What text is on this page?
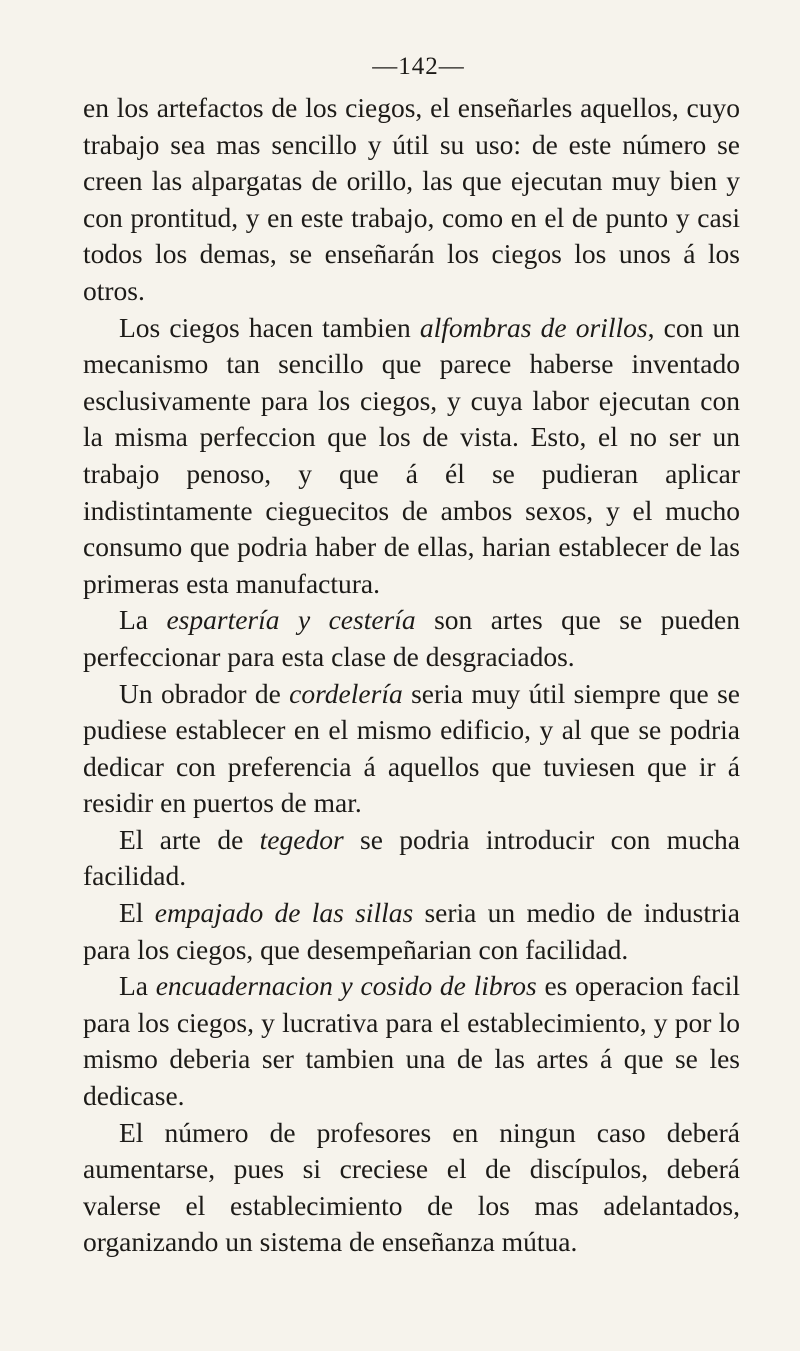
—142—

en los artefactos de los ciegos, el enseñarles aquellos, cuyo trabajo sea mas sencillo y útil su uso: de este número se creen las alpargatas de orillo, las que ejecutan muy bien y con prontitud, y en este trabajo, como en el de punto y casi todos los demas, se enseñarán los ciegos los unos á los otros.

Los ciegos hacen tambien alfombras de orillos, con un mecanismo tan sencillo que parece haberse inventado esclusivamente para los ciegos, y cuya labor ejecutan con la misma perfeccion que los de vista. Esto, el no ser un trabajo penoso, y que á él se pudieran aplicar indistintamente cieguecitos de ambos sexos, y el mucho consumo que podria haber de ellas, harian establecer de las primeras esta manufactura.

La espartería y cestería son artes que se pueden perfeccionar para esta clase de desgraciados.

Un obrador de cordelería seria muy útil siempre que se pudiese establecer en el mismo edificio, y al que se podria dedicar con preferencia á aquellos que tuviesen que ir á residir en puertos de mar.

El arte de tegedor se podria introducir con mucha facilidad.

El empajado de las sillas seria un medio de industria para los ciegos, que desempeñarian con facilidad.

La encuadernacion y cosido de libros es operacion facil para los ciegos, y lucrativa para el establecimiento, y por lo mismo deberia ser tambien una de las artes á que se les dedicase.

El número de profesores en ningun caso deberá aumentarse, pues si creciese el de discípulos, deberá valerse el establecimiento de los mas adelantados, organizando un sistema de enseñanza mútua.
